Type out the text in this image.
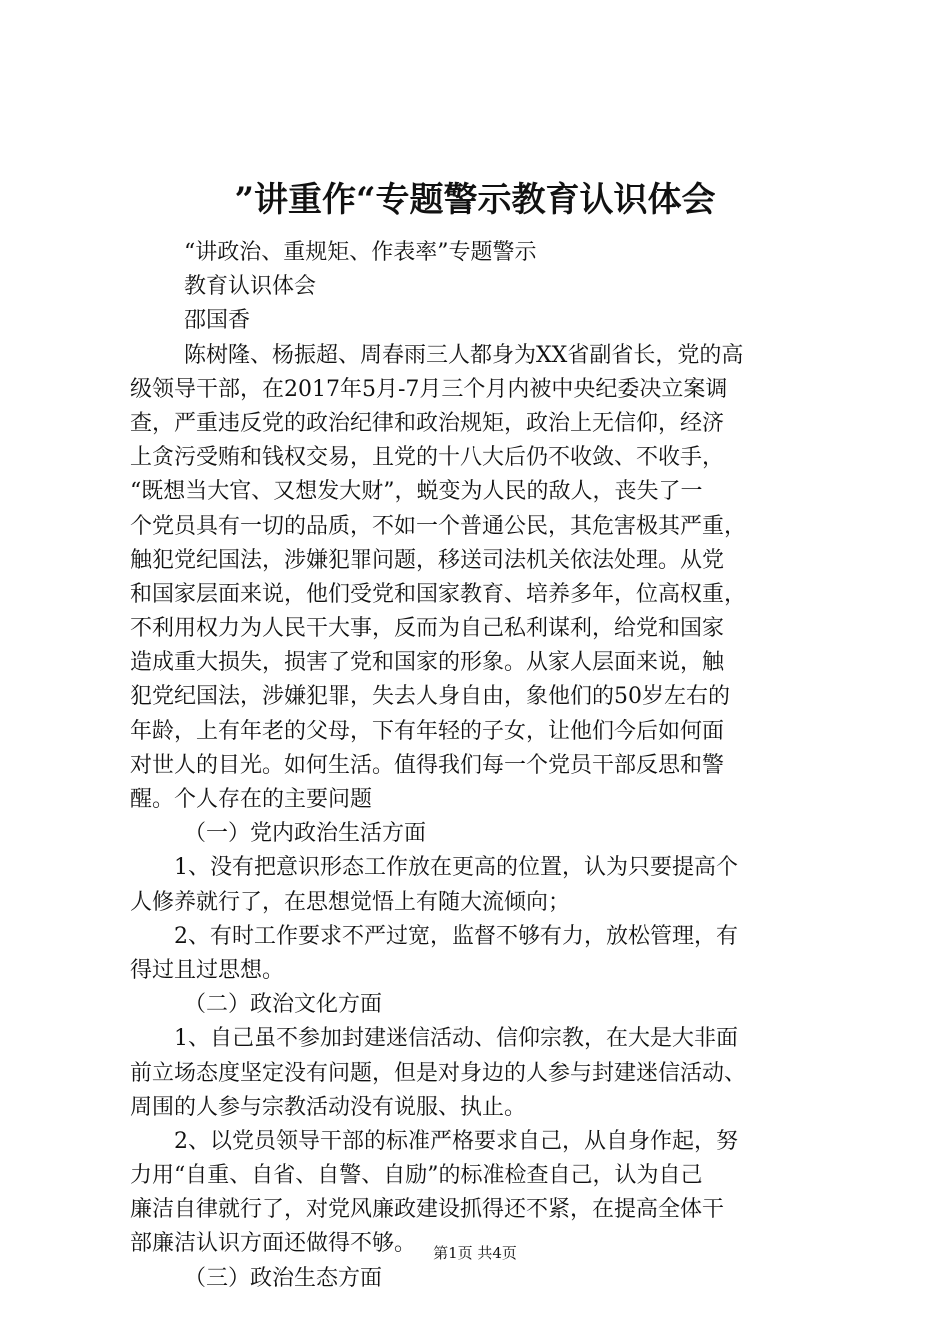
”讲重作“专题警示教育认识体会
“讲政治、重规矩、作表率”专题警示
教育认识体会
邵国香
陈树隆、杨振超、周春雨三人都身为XX省副省长，党的高
级领导干部，在2017年5月-7月三个月内被中央纪委决立案调
查，严重违反党的政治纪律和政治规矩，政治上无信仰，经济
上贪污受贿和钱权交易，且党的十八大后仍不收敛、不收手，
“既想当大官、又想发大财”，蜕变为人民的敌人，丧失了一
个党员具有一切的品质，不如一个普通公民，其危害极其严重，
触犯党纪国法，涉嫌犯罪问题，移送司法机关依法处理。从党
和国家层面来说，他们受党和国家教育、培养多年，位高权重，
不利用权力为人民干大事，反而为自己私利谋利，给党和国家
造成重大损失，损害了党和国家的形象。从家人层面来说，触
犯党纪国法，涉嫌犯罪，失去人身自由，象他们的50岁左右的
年龄，上有年老的父母，下有年轻的子女，让他们今后如何面
对世人的目光。如何生活。值得我们每一个党员干部反思和警
醒。个人存在的主要问题
（一）党内政治生活方面
1、没有把意识形态工作放在更高的位置，认为只要提高个
人修养就行了，在思想觉悟上有随大流倾向；
2、有时工作要求不严过宽，监督不够有力，放松管理，有
得过且过思想。
（二）政治文化方面
1、自己虽不参加封建迷信活动、信仰宗教，在大是大非面
前立场态度坚定没有问题，但是对身边的人参与封建迷信活动、
周围的人参与宗教活动没有说服、执止。
2、以党员领导干部的标准严格要求自己，从自身作起，努
力用“自重、自省、自警、自励”的标准检查自己，认为自己
廉洁自律就行了，对党风廉政建设抓得还不紧，在提高全体干
部廉洁认识方面还做得不够。
（三）政治生态方面
第1页 共4页
